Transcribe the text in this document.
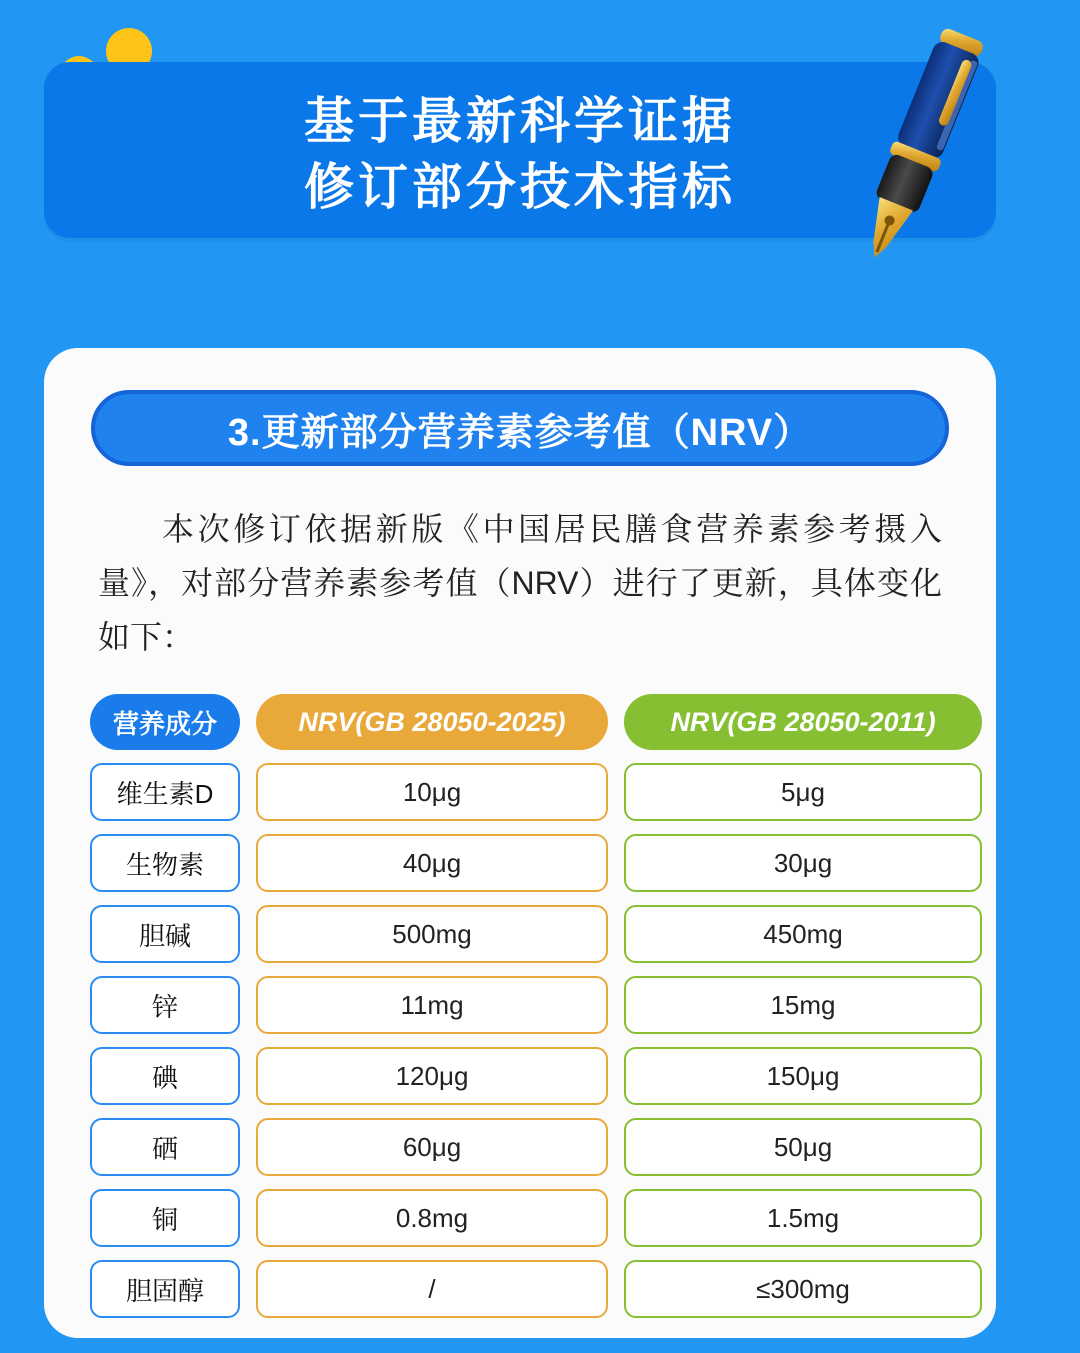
基于最新科学证据
修订部分技术指标
3.更新部分营养素参考值（NRV）

本次修订依据新版《中国居民膳食营养素参考摄入量》，对部分营养素参考值（NRV）进行了更新，具体变化如下：

营养成分	NRV(GB 28050-2025)	NRV(GB 28050-2011)
维生素D	10μg	5μg
生物素	40μg	30μg
胆碱	500mg	450mg
锌	11mg	15mg
碘	120μg	150μg
硒	60μg	50μg
铜	0.8mg	1.5mg
胆固醇	/	≤300mg
